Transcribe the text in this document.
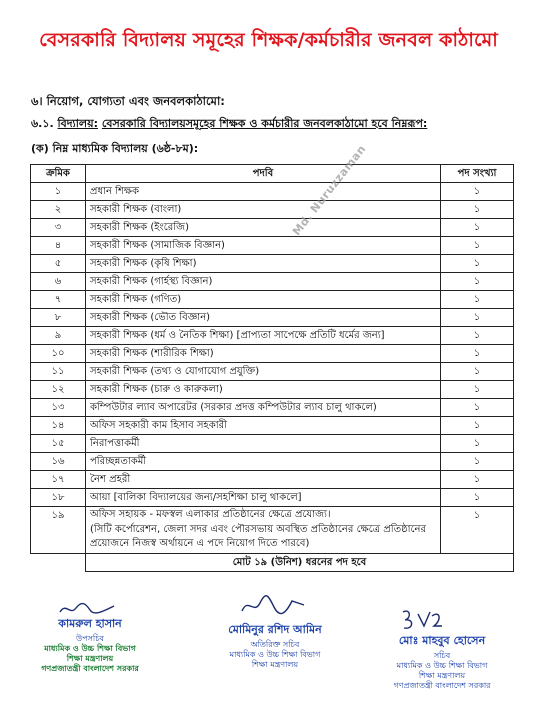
বেসরকারি বিদ্যালয় সমূহের শিক্ষক/কর্মচারীর জনবল কাঠামো
৬। নিয়োগ, যোগ্যতা এবং জনবলকাঠামো:
৬.১. বিদ্যালয়: বেসরকারি বিদ্যালয়সমূহের শিক্ষক ও কর্মচারীর জনবলকাঠামো হবে নিম্নরূপ:
(ক) নিম্ন মাধ্যমিক বিদ্যালয় (৬ষ্ঠ-৮ম):
ক্রমিক	পদবি	পদ সংখ্যা
১	প্রধান শিক্ষক	১
২	সহকারী শিক্ষক (বাংলা)	১
৩	সহকারী শিক্ষক (ইংরেজি)	১
৪	সহকারী শিক্ষক (সামাজিক বিজ্ঞান)	১
৫	সহকারী শিক্ষক (কৃষি শিক্ষা)	১
৬	সহকারী শিক্ষক (গার্হস্থ্য বিজ্ঞান)	১
৭	সহকারী শিক্ষক (গণিত)	১
৮	সহকারী শিক্ষক (ভৌত বিজ্ঞান)	১
৯	সহকারী শিক্ষক (ধর্ম ও নৈতিক শিক্ষা) [প্রাপ্যতা সাপেক্ষে প্রতিটি ধর্মের জন্য]	১
১০	সহকারী শিক্ষক (শারীরিক শিক্ষা)	১
১১	সহকারী শিক্ষক (তথ্য ও যোগাযোগ প্রযুক্তি)	১
১২	সহকারী শিক্ষক (চারু ও কারুকলা)	১
১৩	কম্পিউটার ল্যাব অপারেটর (সরকার প্রদত্ত কম্পিউটার ল্যাব চালু থাকলে)	১
১৪	অফিস সহকারী কাম হিসাব সহকারী	১
১৫	নিরাপত্তাকর্মী	১
১৬	পরিচ্ছন্নতাকর্মী	১
১৭	নৈশ প্রহরী	১
১৮	আয়া [বালিকা বিদ্যালয়ের জন্য/সহশিক্ষা চালু থাকলে]	১
১৯	অফিস সহায়ক - মফস্বল এলাকার প্রতিষ্ঠানের ক্ষেত্রে প্রযোজ্য।
(সিটি কর্পোরেশন, জেলা সদর এবং পৌরসভায় অবস্থিত প্রতিষ্ঠানের ক্ষেত্রে প্রতিষ্ঠানের প্রয়োজনে নিজস্ব অর্থায়নে এ পদে নিয়োগ দিতে পারবে)	১
	মোট ১৯ (উনিশ) ধরনের পদ হবে	
Md. Nuruzzaman
কামরুল হাসান
উপসচিব
মাধ্যমিক ও উচ্চ শিক্ষা বিভাগ
শিক্ষা মন্ত্রণালয়
গণপ্রজাতন্ত্রী বাংলাদেশ সরকার
মোমিনুর রশিদ আমিন
অতিরিক্ত সচিব
মাধ্যমিক ও উচ্চ শিক্ষা বিভাগ
শিক্ষা মন্ত্রণালয়
মোঃ মাহবুব হোসেন
সচিব
মাধ্যমিক ও উচ্চ শিক্ষা বিভাগ
শিক্ষা মন্ত্রণালয়
গণপ্রজাতন্ত্রী বাংলাদেশ সরকার
